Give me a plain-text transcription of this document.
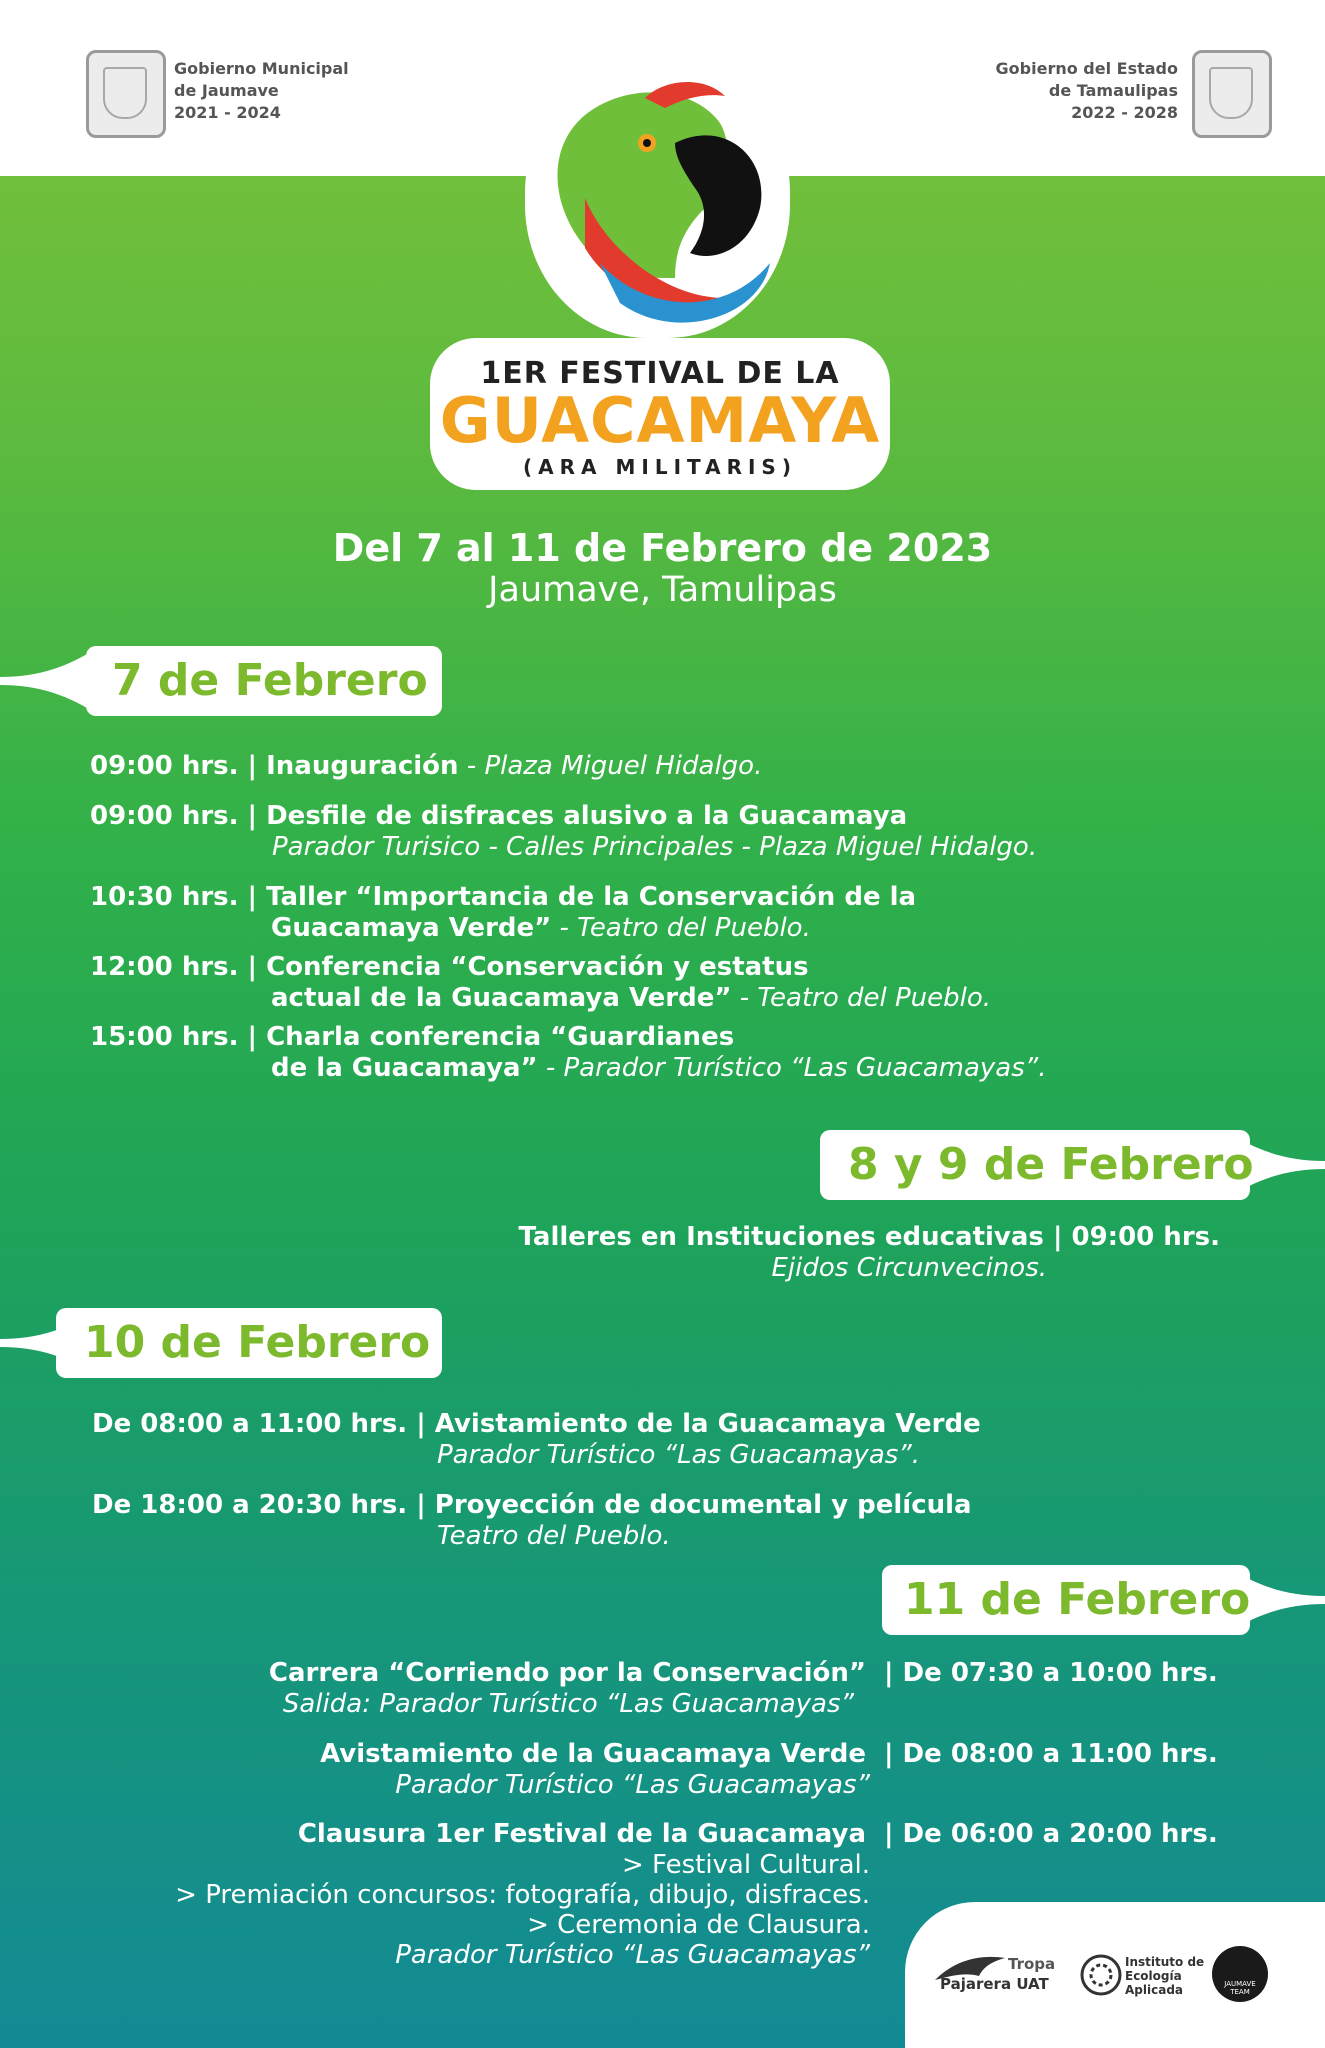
Gobierno Municipal
de Jaumave
2021 - 2024
Gobierno del Estado
de Tamaulipas
2022 - 2028
1ER FESTIVAL DE LA
GUACAMAYA
(ARA MILITARIS)
Del 7 al 11 de Febrero de 2023
Jaumave, Tamulipas
7 de Febrero
09:00 hrs. | Inauguración - Plaza Miguel Hidalgo.
09:00 hrs. | Desfile de disfraces alusivo a la Guacamaya
Parador Turisico - Calles Principales - Plaza Miguel Hidalgo.
10:30 hrs. | Taller “Importancia de la Conservación de la
Guacamaya Verde” - Teatro del Pueblo.
12:00 hrs. | Conferencia “Conservación y estatus
actual de la Guacamaya Verde” - Teatro del Pueblo.
15:00 hrs. | Charla conferencia “Guardianes
de la Guacamaya” - Parador Turístico “Las Guacamayas”.
8 y 9 de Febrero
Talleres en Instituciones educativas | 09:00 hrs.
Ejidos Circunvecinos.
10 de Febrero
De 08:00 a 11:00 hrs. | Avistamiento de la Guacamaya Verde
Parador Turístico “Las Guacamayas”.
De 18:00 a 20:30 hrs. | Proyección de documental y película
Teatro del Pueblo.
11 de Febrero
Carrera “Corriendo por la Conservación” | De 07:30 a 10:00 hrs.
Salida: Parador Turístico “Las Guacamayas”
Avistamiento de la Guacamaya Verde | De 08:00 a 11:00 hrs.
Parador Turístico “Las Guacamayas”
Clausura 1er Festival de la Guacamaya | De 06:00 a 20:00 hrs.
> Festival Cultural.
> Premiación concursos: fotografía, dibujo, disfraces.
> Ceremonia de Clausura.
Parador Turístico “Las Guacamayas”	Tropa
Pajarera UAT
Instituto de
Ecología
Aplicada	JAUMAVE
TEAM
